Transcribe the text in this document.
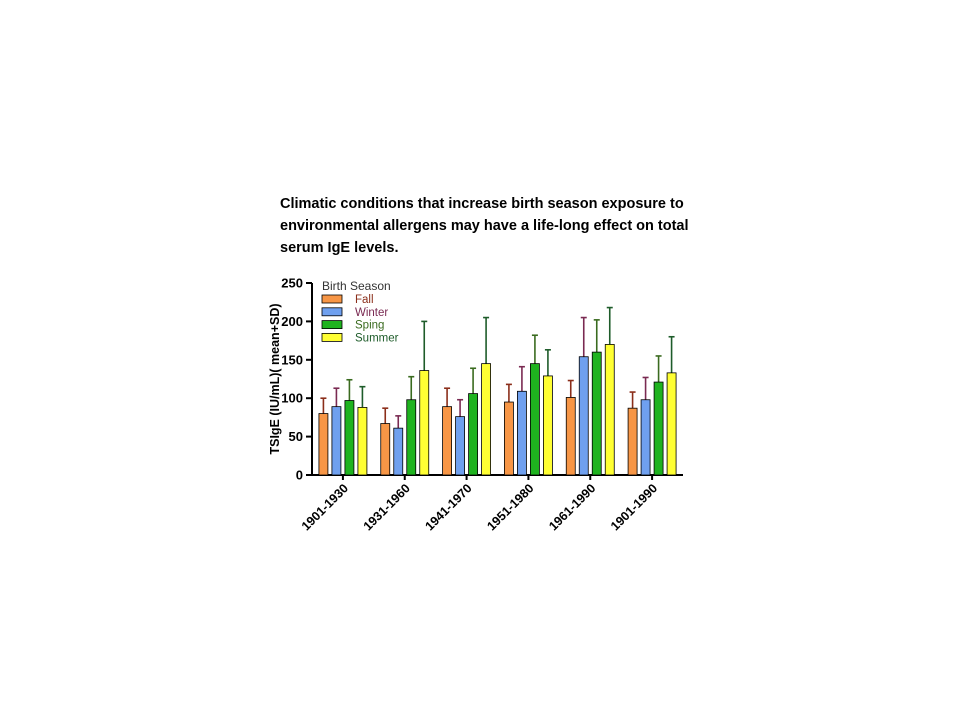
Climatic conditions that increase birth season exposure to
environmental allergens may have a life-long effect on total
serum IgE levels.
0
50
100
150
200
250
TSIgE (IU/mL)( mean+SD)
1901-1930 1931-1960 1941-1970 1951-1980 1961-1990 1901-1990
Birth Season
Fall
Winter
Sping
Summer
